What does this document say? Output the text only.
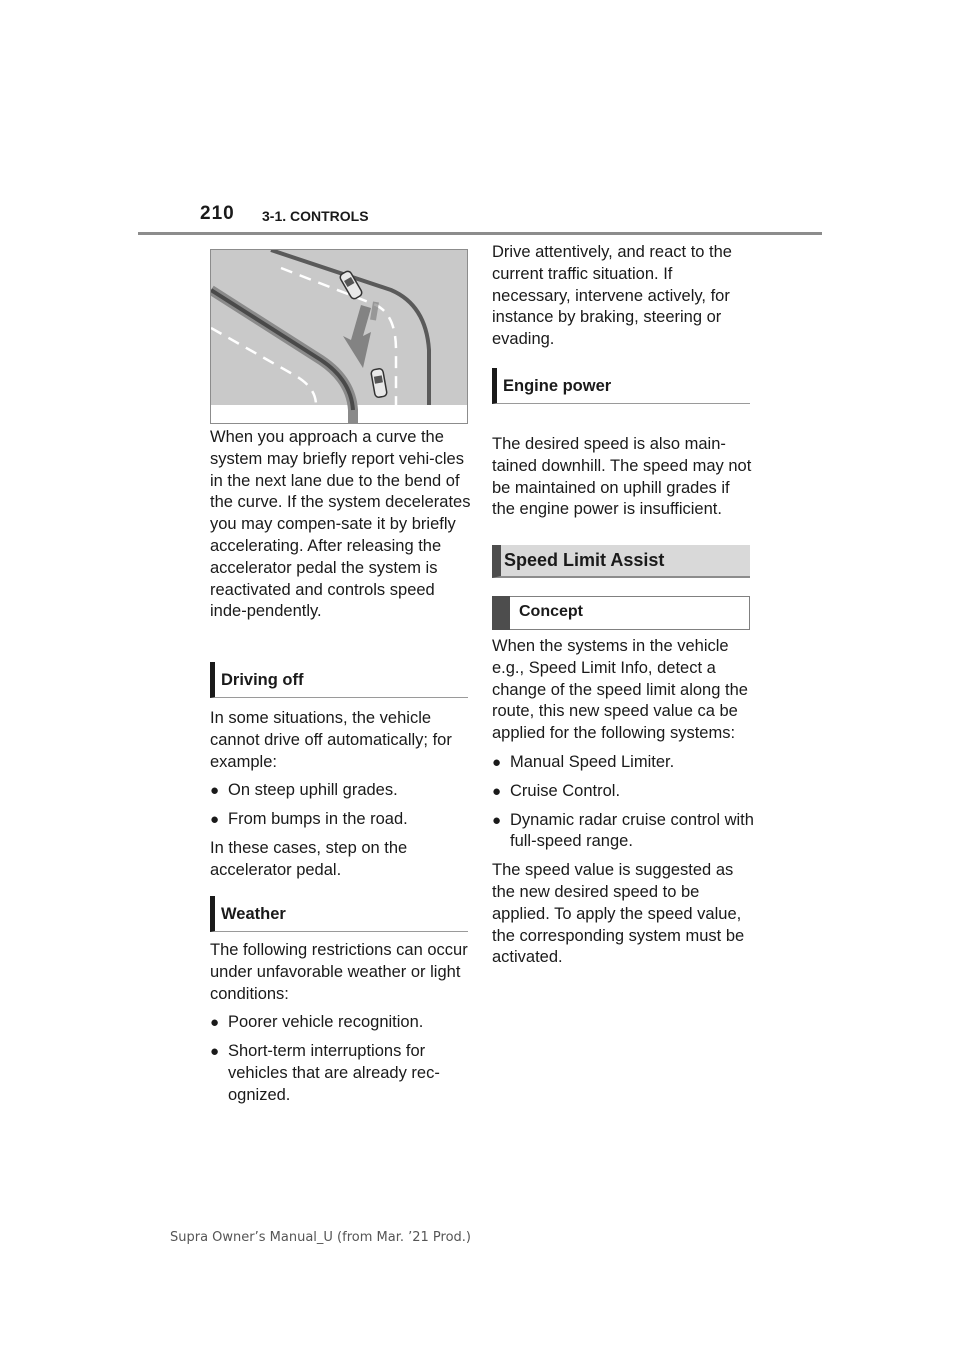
210 3-1. CONTROLS

When you approach a curve the system may briefly report vehi-cles in the next lane due to the bend of the curve. If the system decelerates you may compen-sate it by briefly accelerating. After releasing the accelerator pedal the system is reactivated and controls speed inde-pendently.

Driving off

In some situations, the vehicle cannot drive off automatically; for example:

● On steep uphill grades.
● From bumps in the road.

In these cases, step on the accelerator pedal.

Weather

The following restrictions can occur under unfavorable weather or light conditions:

● Poorer vehicle recognition.
● Short-term interruptions for vehicles that are already rec-ognized.

Drive attentively, and react to the current traffic situation. If necessary, intervene actively, for instance by braking, steering or evading.

Engine power

The desired speed is also main-tained downhill. The speed may not be maintained on uphill grades if the engine power is insufficient.

Speed Limit Assist
Concept

When the systems in the vehicle e.g., Speed Limit Info, detect a change of the speed limit along the route, this new speed value ca be applied for the following systems:

● Manual Speed Limiter.
● Cruise Control.
● Dynamic radar cruise control with full-speed range.

The speed value is suggested as the new desired speed to be applied. To apply the speed value, the corresponding system must be activated.

Supra Owner’s Manual_U (from Mar. ’21 Prod.)
